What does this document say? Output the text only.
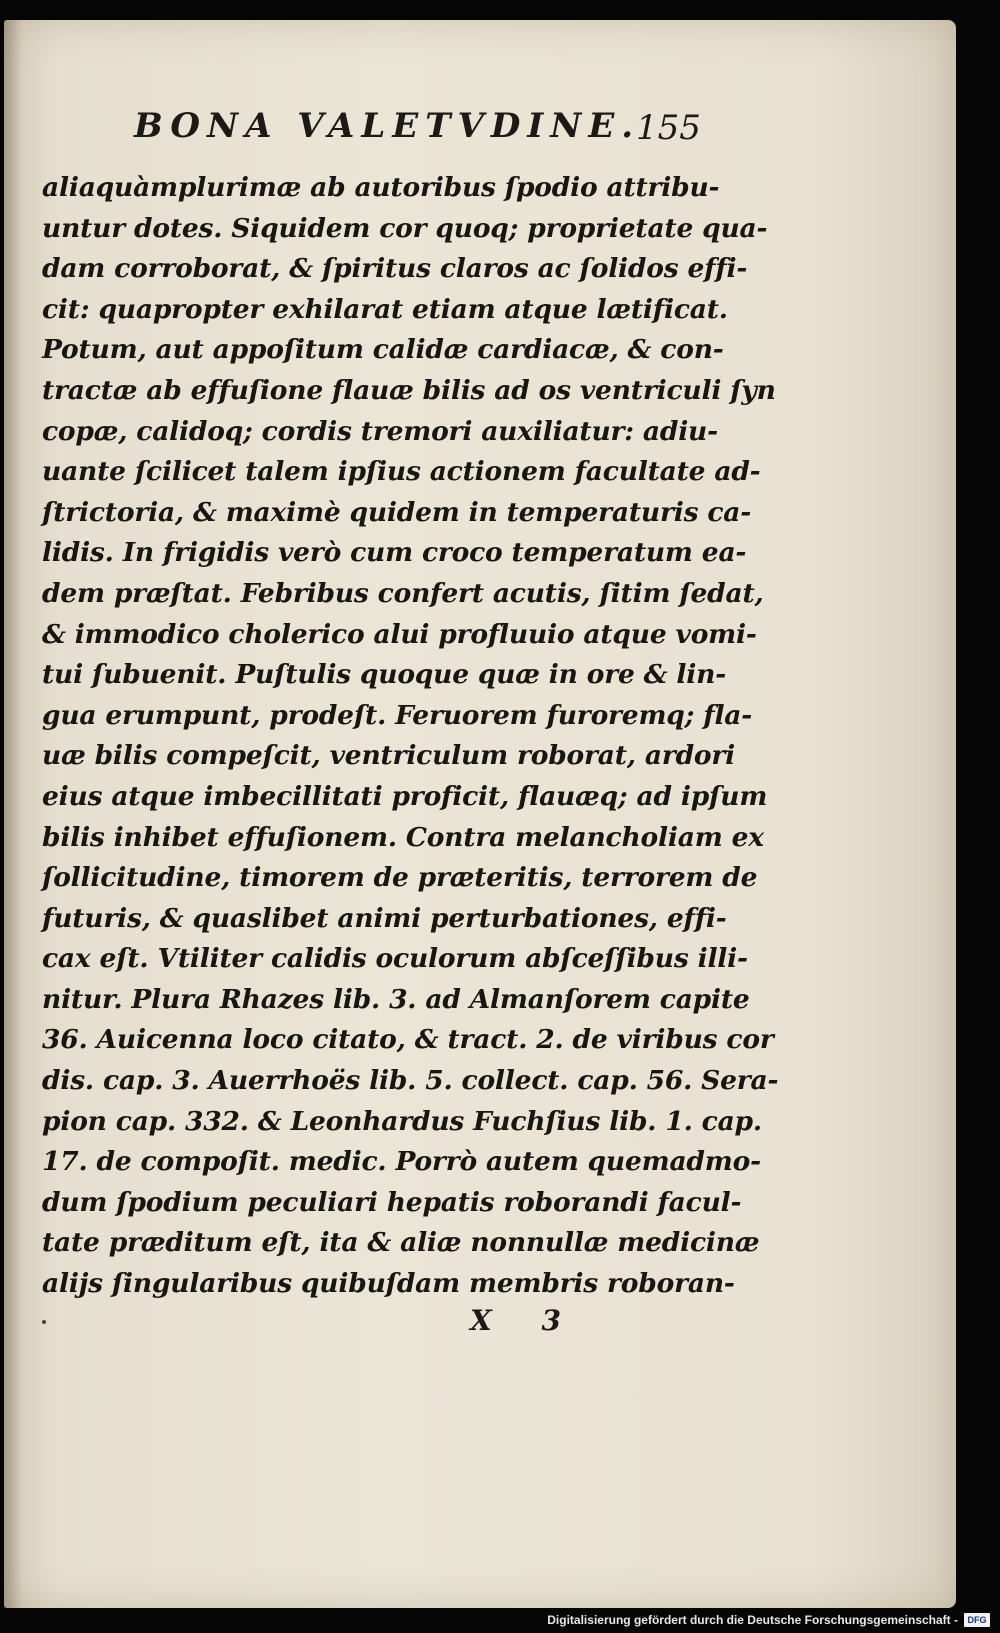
BONA VALETVDINE.
155
aliaquàmplurimæ ab autoribus ſpodio attribu-
untur dotes. Siquidem cor quoq; proprietate qua-
dam corroborat, & ſpiritus claros ac ſolidos effi-
cit: quapropter exhilarat etiam atque lætificat.
Potum, aut appoſitum calidæ cardiacæ, & con-
tractæ ab effuſione flauæ bilis ad os ventriculi ſyn
copæ, calidoq; cordis tremori auxiliatur: adiu-
uante ſcilicet talem ipſius actionem facultate ad-
ſtrictoria, & maximè quidem in temperaturis ca-
lidis. In frigidis verò cum croco temperatum ea-
dem præſtat. Febribus confert acutis, ſitim ſedat,
& immodico cholerico alui profluuio atque vomi-
tui ſubuenit. Puſtulis quoque quæ in ore & lin-
gua erumpunt, prodeſt. Feruorem furoremq; fla-
uæ bilis compeſcit, ventriculum roborat, ardori
eius atque imbecillitati proficit, flauæq; ad ipſum
bilis inhibet effuſionem. Contra melancholiam ex
ſollicitudine, timorem de præteritis, terrorem de
futuris, & quaslibet animi perturbationes, effi-
cax eſt. Vtiliter calidis oculorum abſceſſibus illi-
nitur. Plura Rhazes lib. 3. ad Almanſorem capite
36. Auicenna loco citato, & tract. 2. de viribus cor
dis. cap. 3. Auerrhoës lib. 5. collect. cap. 56. Sera-
pion cap. 332. & Leonhardus Fuchſius lib. 1. cap.
17. de compoſit. medic. Porrò autem quemadmo-
dum ſpodium peculiari hepatis roborandi facul-
tate præditum eſt, ita & aliæ nonnullæ medicinæ
alijs ſingularibus quibuſdam membris roboran-
X 3
Digitalisierung gefördert durch die Deutsche Forschungsgemeinschaft -	DFG
